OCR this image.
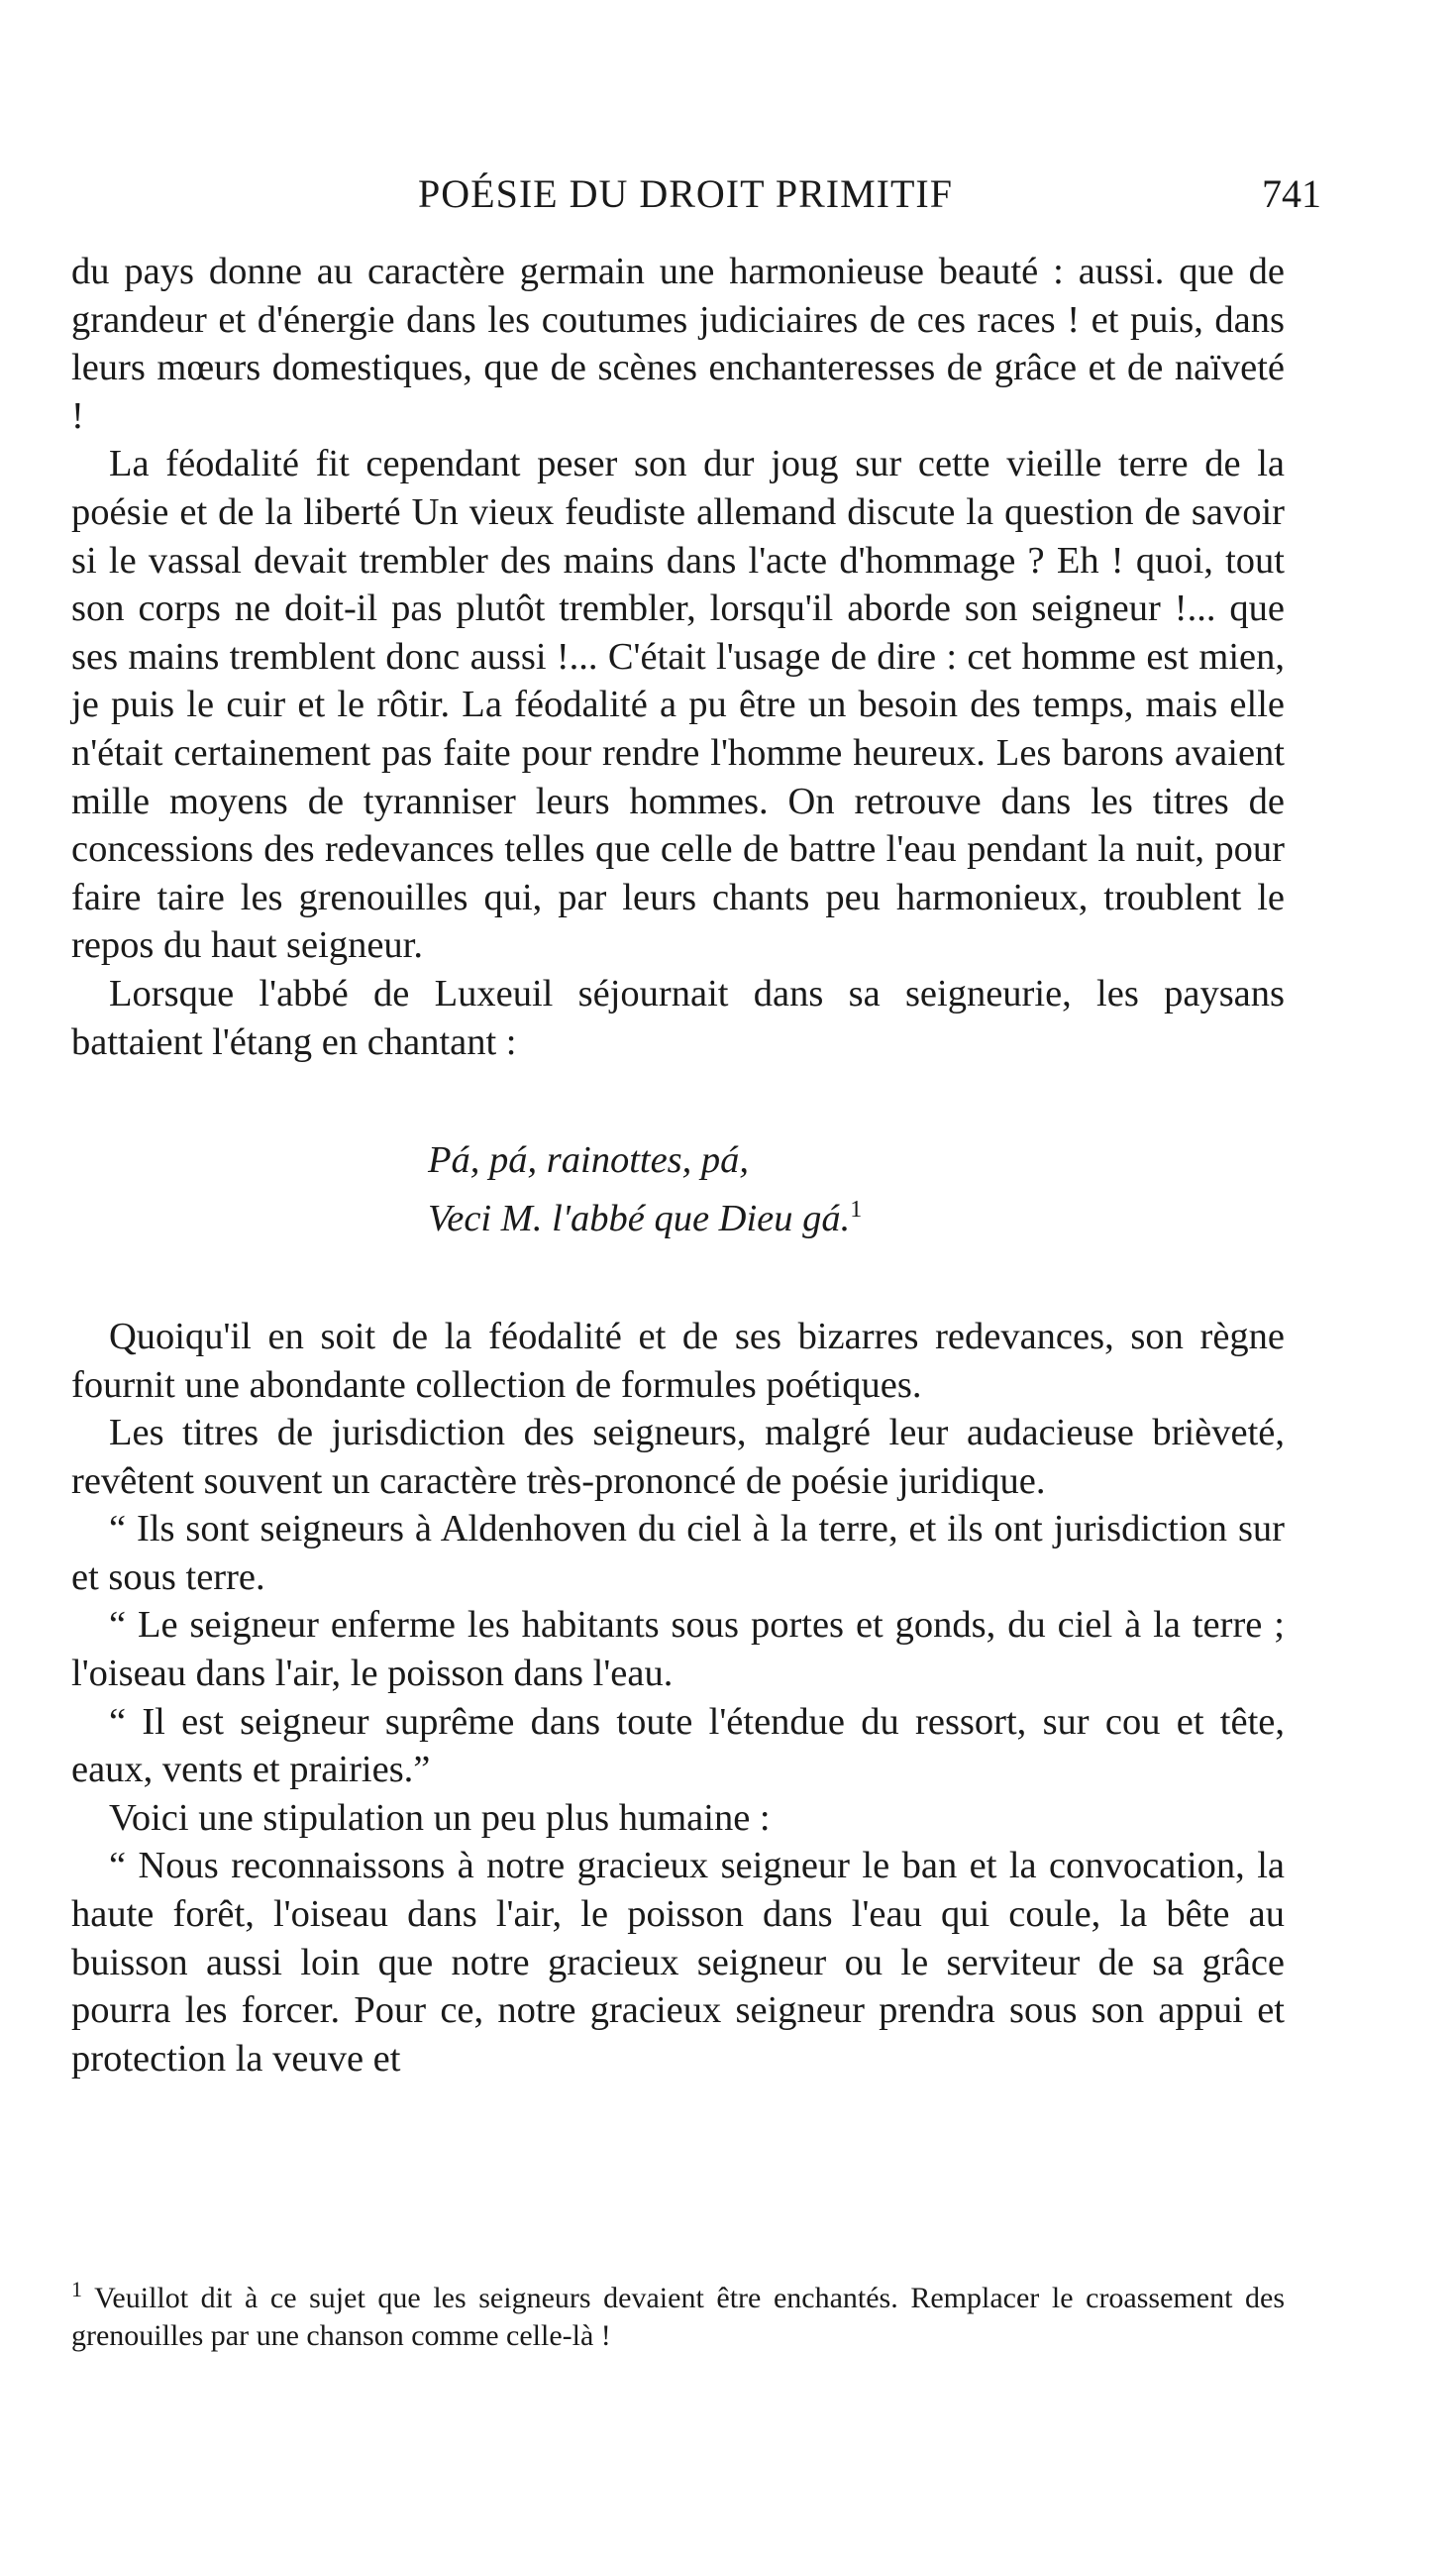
POÉSIE DU DROIT PRIMITIF	741

du pays donne au caractère germain une harmonieuse beauté : aussi. que de grandeur et d'énergie dans les coutumes judiciaires de ces races ! et puis, dans leurs mœurs domestiques, que de scènes enchanteresses de grâce et de naïveté !

La féodalité fit cependant peser son dur joug sur cette vieille terre de la poésie et de la liberté Un vieux feudiste allemand discute la question de savoir si le vassal devait trembler des mains dans l'acte d'hommage ? Eh ! quoi, tout son corps ne doit-il pas plutôt trembler, lorsqu'il aborde son seigneur !... que ses mains tremblent donc aussi !... C'était l'usage de dire : cet homme est mien, je puis le cuir et le rôtir. La féodalité a pu être un besoin des temps, mais elle n'était certainement pas faite pour rendre l'homme heureux. Les barons avaient mille moyens de tyranniser leurs hommes. On retrouve dans les titres de concessions des redevances telles que celle de battre l'eau pendant la nuit, pour faire taire les grenouilles qui, par leurs chants peu harmonieux, troublent le repos du haut seigneur.

Lorsque l'abbé de Luxeuil séjournait dans sa seigneurie, les paysans battaient l'étang en chantant :

Pá, pá, rainottes, pá,
Veci M. l'abbé que Dieu gá.$^1$

Quoiqu'il en soit de la féodalité et de ses bizarres redevances, son règne fournit une abondante collection de formules poétiques.

Les titres de jurisdiction des seigneurs, malgré leur audacieuse brièveté, revêtent souvent un caractère très-prononcé de poésie juridique.

“ Ils sont seigneurs à Aldenhoven du ciel à la terre, et ils ont jurisdiction sur et sous terre.

“ Le seigneur enferme les habitants sous portes et gonds, du ciel à la terre ; l'oiseau dans l'air, le poisson dans l'eau.

“ Il est seigneur suprême dans toute l'étendue du ressort, sur cou et tête, eaux, vents et prairies.”

Voici une stipulation un peu plus humaine :

“ Nous reconnaissons à notre gracieux seigneur le ban et la convocation, la haute forêt, l'oiseau dans l'air, le poisson dans l'eau qui coule, la bête au buisson aussi loin que notre gracieux seigneur ou le serviteur de sa grâce pourra les forcer. Pour ce, notre gracieux seigneur prendra sous son appui et protection la veuve et

$^1$ Veuillot dit à ce sujet que les seigneurs devaient être enchantés. Remplacer le croassement des grenouilles par une chanson comme celle-là !
